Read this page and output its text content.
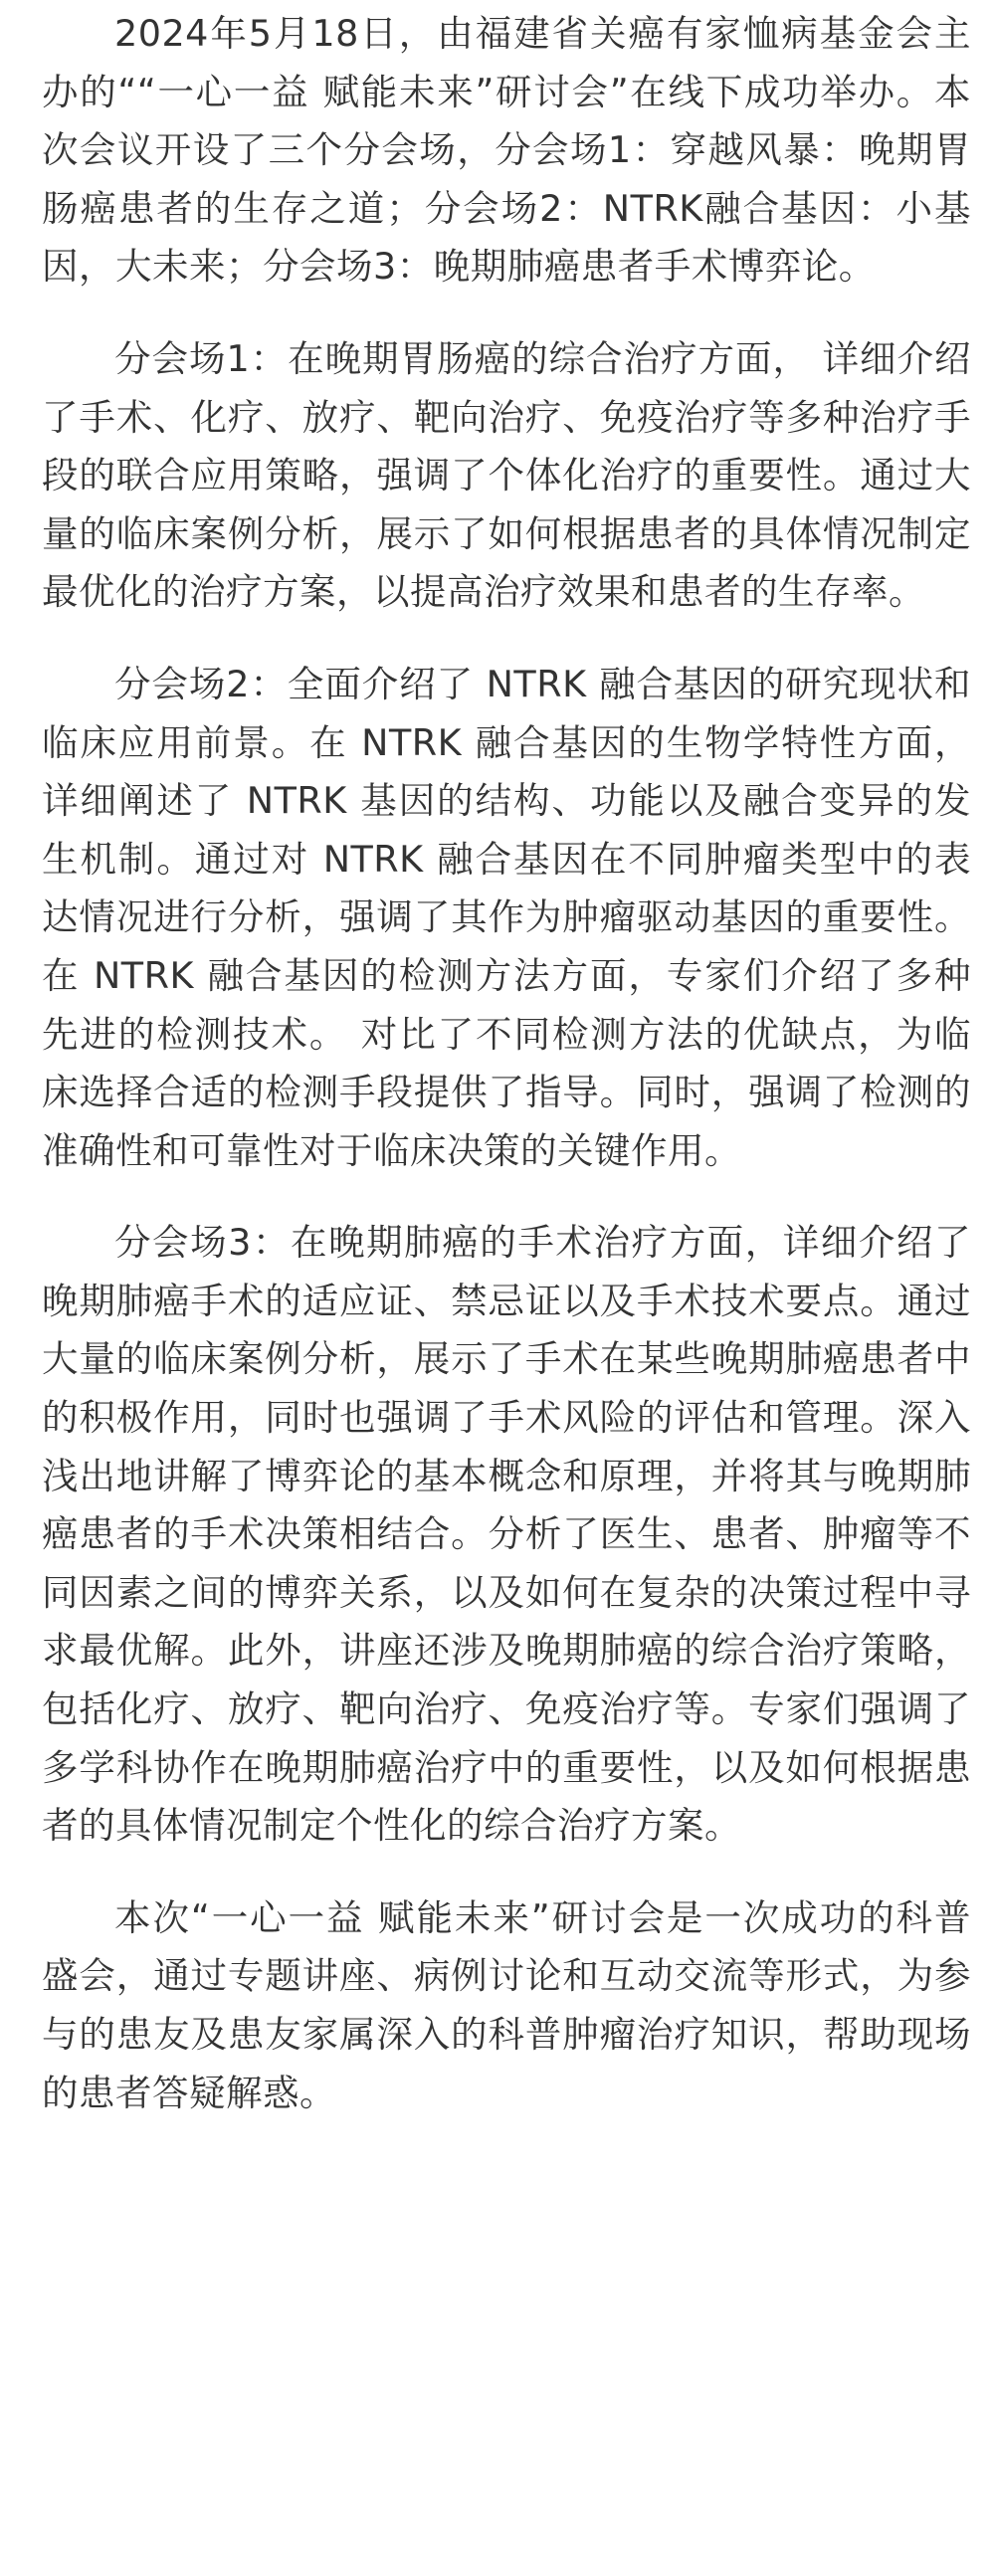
2024年5月18日，由福建省关癌有家恤病基金会主办的““一心一益 赋能未来”研讨会”在线下成功举办。本次会议开设了三个分会场，分会场1：穿越风暴：晚期胃肠癌患者的生存之道；分会场2：NTRK融合基因：小基因，大未来；分会场3：晚期肺癌患者手术博弈论。

分会场1：在晚期胃肠癌的综合治疗方面， 详细介绍了手术、化疗、放疗、靶向治疗、免疫治疗等多种治疗手段的联合应用策略，强调了个体化治疗的重要性。通过大量的临床案例分析，展示了如何根据患者的具体情况制定最优化的治疗方案，以提高治疗效果和患者的生存率。

分会场2：全面介绍了 NTRK 融合基因的研究现状和临床应用前景。在 NTRK 融合基因的生物学特性方面，详细阐述了 NTRK 基因的结构、功能以及融合变异的发生机制。通过对 NTRK 融合基因在不同肿瘤类型中的表达情况进行分析，强调了其作为肿瘤驱动基因的重要性。在 NTRK 融合基因的检测方法方面，专家们介绍了多种先进的检测技术。 对比了不同检测方法的优缺点，为临床选择合适的检测手段提供了指导。同时，强调了检测的准确性和可靠性对于临床决策的关键作用。

分会场3：在晚期肺癌的手术治疗方面，详细介绍了晚期肺癌手术的适应证、禁忌证以及手术技术要点。通过大量的临床案例分析，展示了手术在某些晚期肺癌患者中的积极作用，同时也强调了手术风险的评估和管理。深入浅出地讲解了博弈论的基本概念和原理，并将其与晚期肺癌患者的手术决策相结合。分析了医生、患者、肿瘤等不同因素之间的博弈关系，以及如何在复杂的决策过程中寻求最优解。此外，讲座还涉及晚期肺癌的综合治疗策略，包括化疗、放疗、靶向治疗、免疫治疗等。专家们强调了多学科协作在晚期肺癌治疗中的重要性，以及如何根据患者的具体情况制定个性化的综合治疗方案。

本次“一心一益 赋能未来”研讨会是一次成功的科普盛会，通过专题讲座、病例讨论和互动交流等形式，为参与的患友及患友家属深入的科普肿瘤治疗知识，帮助现场的患者答疑解惑。
